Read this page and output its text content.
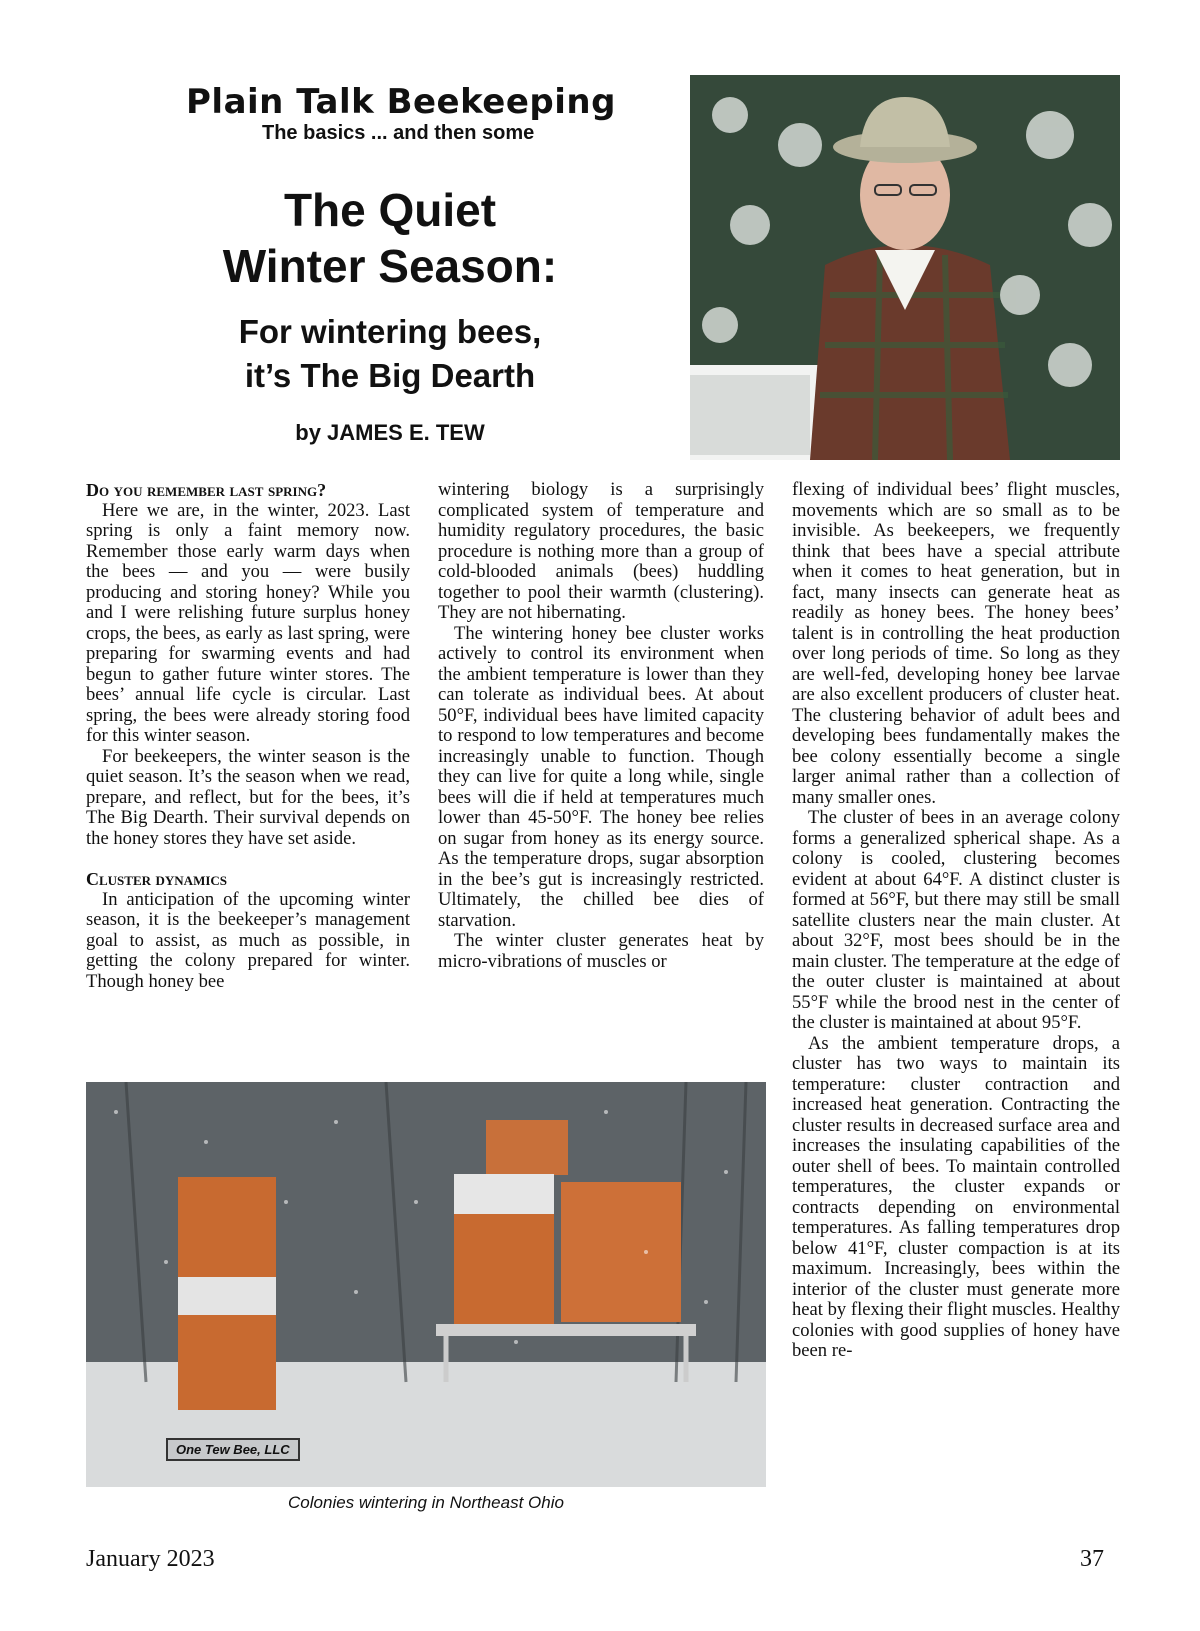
Plain Talk Beekeeping
The basics ... and then some
The Quiet
Winter Season:
For wintering bees,
it’s The Big Dearth
by JAMES E. TEW

Do you remember last spring?

Here we are, in the winter, 2023. Last spring is only a faint memory now. Remember those early warm days when the bees — and you — were busily producing and storing honey? While you and I were relishing future surplus honey crops, the bees, as early as last spring, were preparing for swarming events and had begun to gather future winter stores. The bees’ annual life cycle is circular. Last spring, the bees were already storing food for this winter season.

For beekeepers, the winter season is the quiet season. It’s the season when we read, prepare, and reflect, but for the bees, it’s The Big Dearth. Their survival depends on the honey stores they have set aside.

Cluster dynamics

In anticipation of the upcoming winter season, it is the beekeeper’s management goal to assist, as much as possible, in getting the colony prepared for winter. Though honey bee

wintering biology is a surprisingly complicated system of temperature and humidity regulatory procedures, the basic procedure is nothing more than a group of cold-blooded animals (bees) huddling together to pool their warmth (clustering). They are not hibernating.

The wintering honey bee cluster works actively to control its environment when the ambient temperature is lower than they can tolerate as individual bees. At about 50°F, individual bees have limited capacity to respond to low temperatures and become increasingly unable to function. Though they can live for quite a long while, single bees will die if held at temperatures much lower than 45-50°F. The honey bee relies on sugar from honey as its energy source. As the temperature drops, sugar absorption in the bee’s gut is increasingly restricted. Ultimately, the chilled bee dies of starvation.

The winter cluster generates heat by micro-vibrations of muscles or

flexing of individual bees’ flight muscles, movements which are so small as to be invisible. As beekeepers, we frequently think that bees have a special attribute when it comes to heat generation, but in fact, many insects can generate heat as readily as honey bees. The honey bees’ talent is in controlling the heat production over long periods of time. So long as they are well-fed, developing honey bee larvae are also excellent producers of cluster heat. The clustering behavior of adult bees and developing bees fundamentally makes the bee colony essentially become a single larger animal rather than a collection of many smaller ones.

The cluster of bees in an average colony forms a generalized spherical shape. As a colony is cooled, clustering becomes evident at about 64°F. A distinct cluster is formed at 56°F, but there may still be small satellite clusters near the main cluster. At about 32°F, most bees should be in the main cluster. The temperature at the edge of the outer cluster is maintained at about 55°F while the brood nest in the center of the cluster is maintained at about 95°F.

As the ambient temperature drops, a cluster has two ways to maintain its temperature: cluster contraction and increased heat generation. Contracting the cluster results in decreased surface area and increases the insulating capabilities of the outer shell of bees. To maintain controlled temperatures, the cluster expands or contracts depending on environmental temperatures. As falling temperatures drop below 41°F, cluster compaction is at its maximum. Increasingly, bees within the interior of the cluster must generate more heat by flexing their flight muscles. Healthy colonies with good supplies of honey have been re-

One Tew Bee, LLC
Colonies wintering in Northeast Ohio
January 2023	37
